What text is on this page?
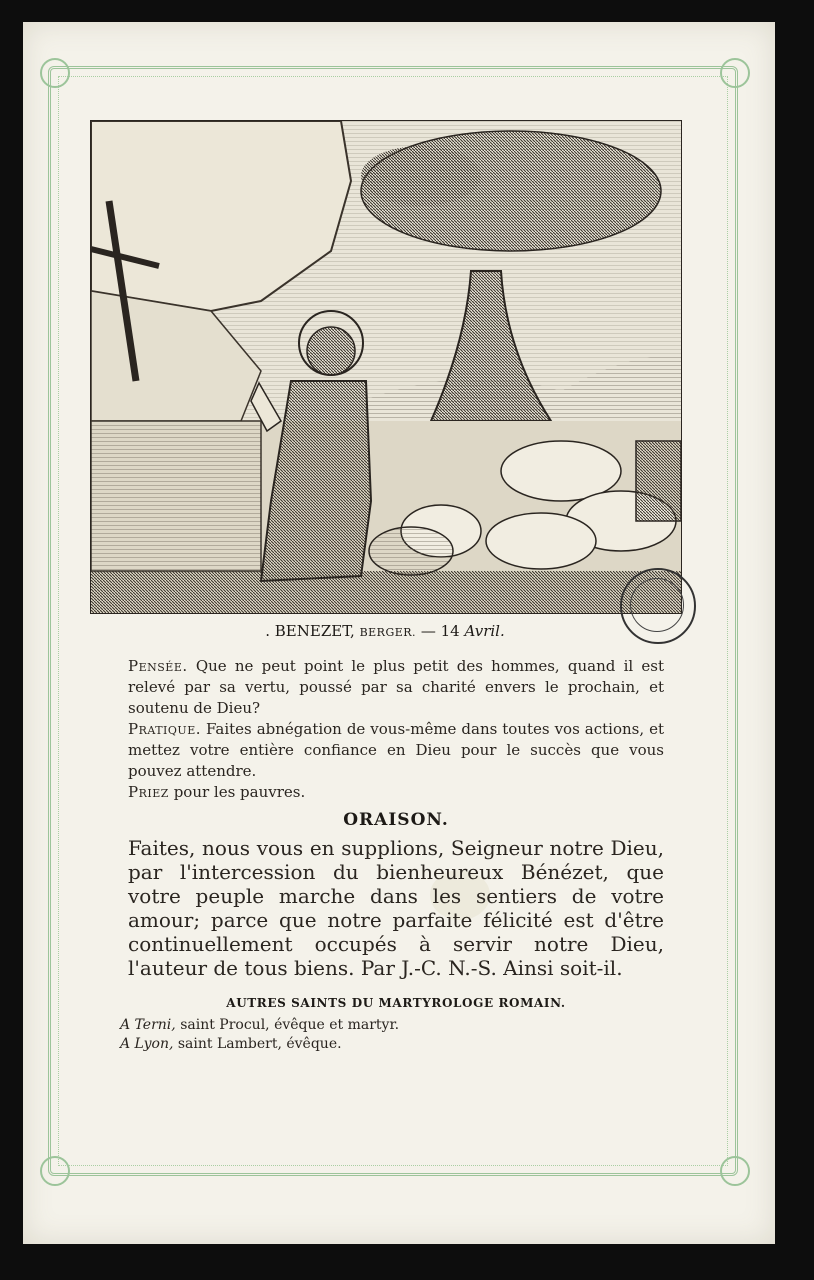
. BENEZET, BERGER. — 14 Avril.

Pensée. Que ne peut point le plus petit des hommes, quand il est relevé par sa vertu, poussé par sa charité envers le prochain, et soutenu de Dieu?

Pratique. Faites abnégation de vous-même dans toutes vos actions, et mettez votre entière confiance en Dieu pour le succès que vous pouvez attendre.

Priez pour les pauvres.

ORAISON.
Faites, nous vous en supplions, Seigneur notre Dieu, par l'intercession du bienheureux Bénézet, que votre peuple marche dans les sentiers de votre amour; parce que notre parfaite félicité est d'être continuellement occupés à servir notre Dieu, l'auteur de tous biens. Par J.-C. N.-S. Ainsi soit-il.
AUTRES SAINTS DU MARTYROLOGE ROMAIN.
A Terni, saint Procul, évêque et martyr.
A Lyon, saint Lambert, évêque.
